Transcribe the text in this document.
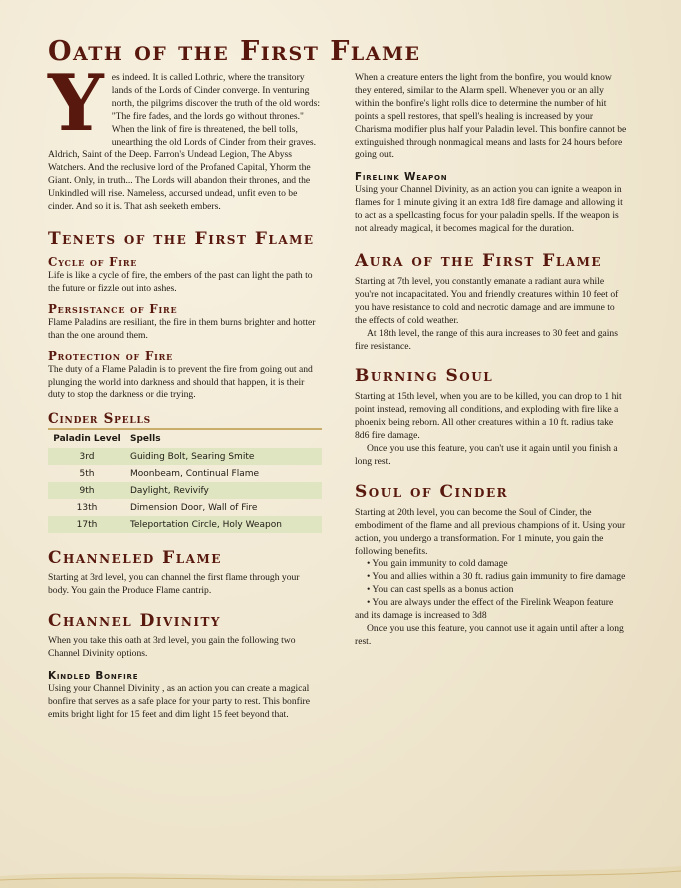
Oath of the First Flame
Y es indeed. It is called Lothric, where the transitory lands of the Lords of Cinder converge. In venturing north, the pilgrims discover the truth of the old words: "The fire fades, and the lords go without thrones." When the link of fire is threatened, the bell tolls, unearthing the old Lords of Cinder from their graves. Aldrich, Saint of the Deep. Farron's Undead Legion, The Abyss Watchers. And the reclusive lord of the Profaned Capital, Yhorm the Giant. Only, in truth... The Lords will abandon their thrones, and the Unkindled will rise. Nameless, accursed undead, unfit even to be cinder. And so it is. That ash seeketh embers.

Tenets of the First Flame
Cycle of Fire

Life is like a cycle of fire, the embers of the past can light the path to the future or fizzle out into ashes.

Persistance of Fire

Flame Paladins are resiliant, the fire in them burns brighter and hotter than the one around them.

Protection of Fire

The duty of a Flame Paladin is to prevent the fire from going out and plunging the world into darkness and should that happen, it is their duty to stop the darkness or die trying.

Cinder Spells
Paladin Level	Spells
3rd	Guiding Bolt, Searing Smite
5th	Moonbeam, Continual Flame
9th	Daylight, Revivify
13th	Dimension Door, Wall of Fire
17th	Teleportation Circle, Holy Weapon
Channeled Flame

Starting at 3rd level, you can channel the first flame through your body. You gain the Produce Flame cantrip.

Channel Divinity

When you take this oath at 3rd level, you gain the following two Channel Divinity options.

Kindled Bonfire

Using your Channel Divinity , as an action you can create a magical bonfire that serves as a safe place for your party to rest. This bonfire emits bright light for 15 feet and dim light 15 feet beyond that.

When a creature enters the light from the bonfire, you would know they entered, similar to the Alarm spell. Whenever you or an ally within the bonfire's light rolls dice to determine the number of hit points a spell restores, that spell's healing is increased by your Charisma modifier plus half your Paladin level. This bonfire cannot be extinguished through nonmagical means and lasts for 24 hours before going out.

Firelink Weapon

Using your Channel Divinity, as an action you can ignite a weapon in flames for 1 minute giving it an extra 1d8 fire damage and allowing it to act as a spellcasting focus for your paladin spells. If the weapon is not already magical, it becomes magical for the duration.

Aura of the First Flame

Starting at 7th level, you constantly emanate a radiant aura while you're not incapacitated. You and friendly creatures within 10 feet of you have resistance to cold and necrotic damage and are immune to the effects of cold weather.

At 18th level, the range of this aura increases to 30 feet and gains fire resistance.

Burning Soul

Starting at 15th level, when you are to be killed, you can drop to 1 hit point instead, removing all conditions, and exploding with fire like a phoenix being reborn. All other creatures within a 10 ft. radius take 8d6 fire damage.

Once you use this feature, you can't use it again until you finish a long rest.

Soul of Cinder

Starting at 20th level, you can become the Soul of Cinder, the embodiment of the flame and all previous champions of it. Using your action, you undergo a transformation. For 1 minute, you gain the following benefits.

• You gain immunity to cold damage
• You and allies within a 30 ft. radius gain immunity to fire damage
• You can cast spells as a bonus action
• You are always under the effect of the Firelink Weapon feature and its damage is increased to 3d8

Once you use this feature, you cannot use it again until after a long rest.
